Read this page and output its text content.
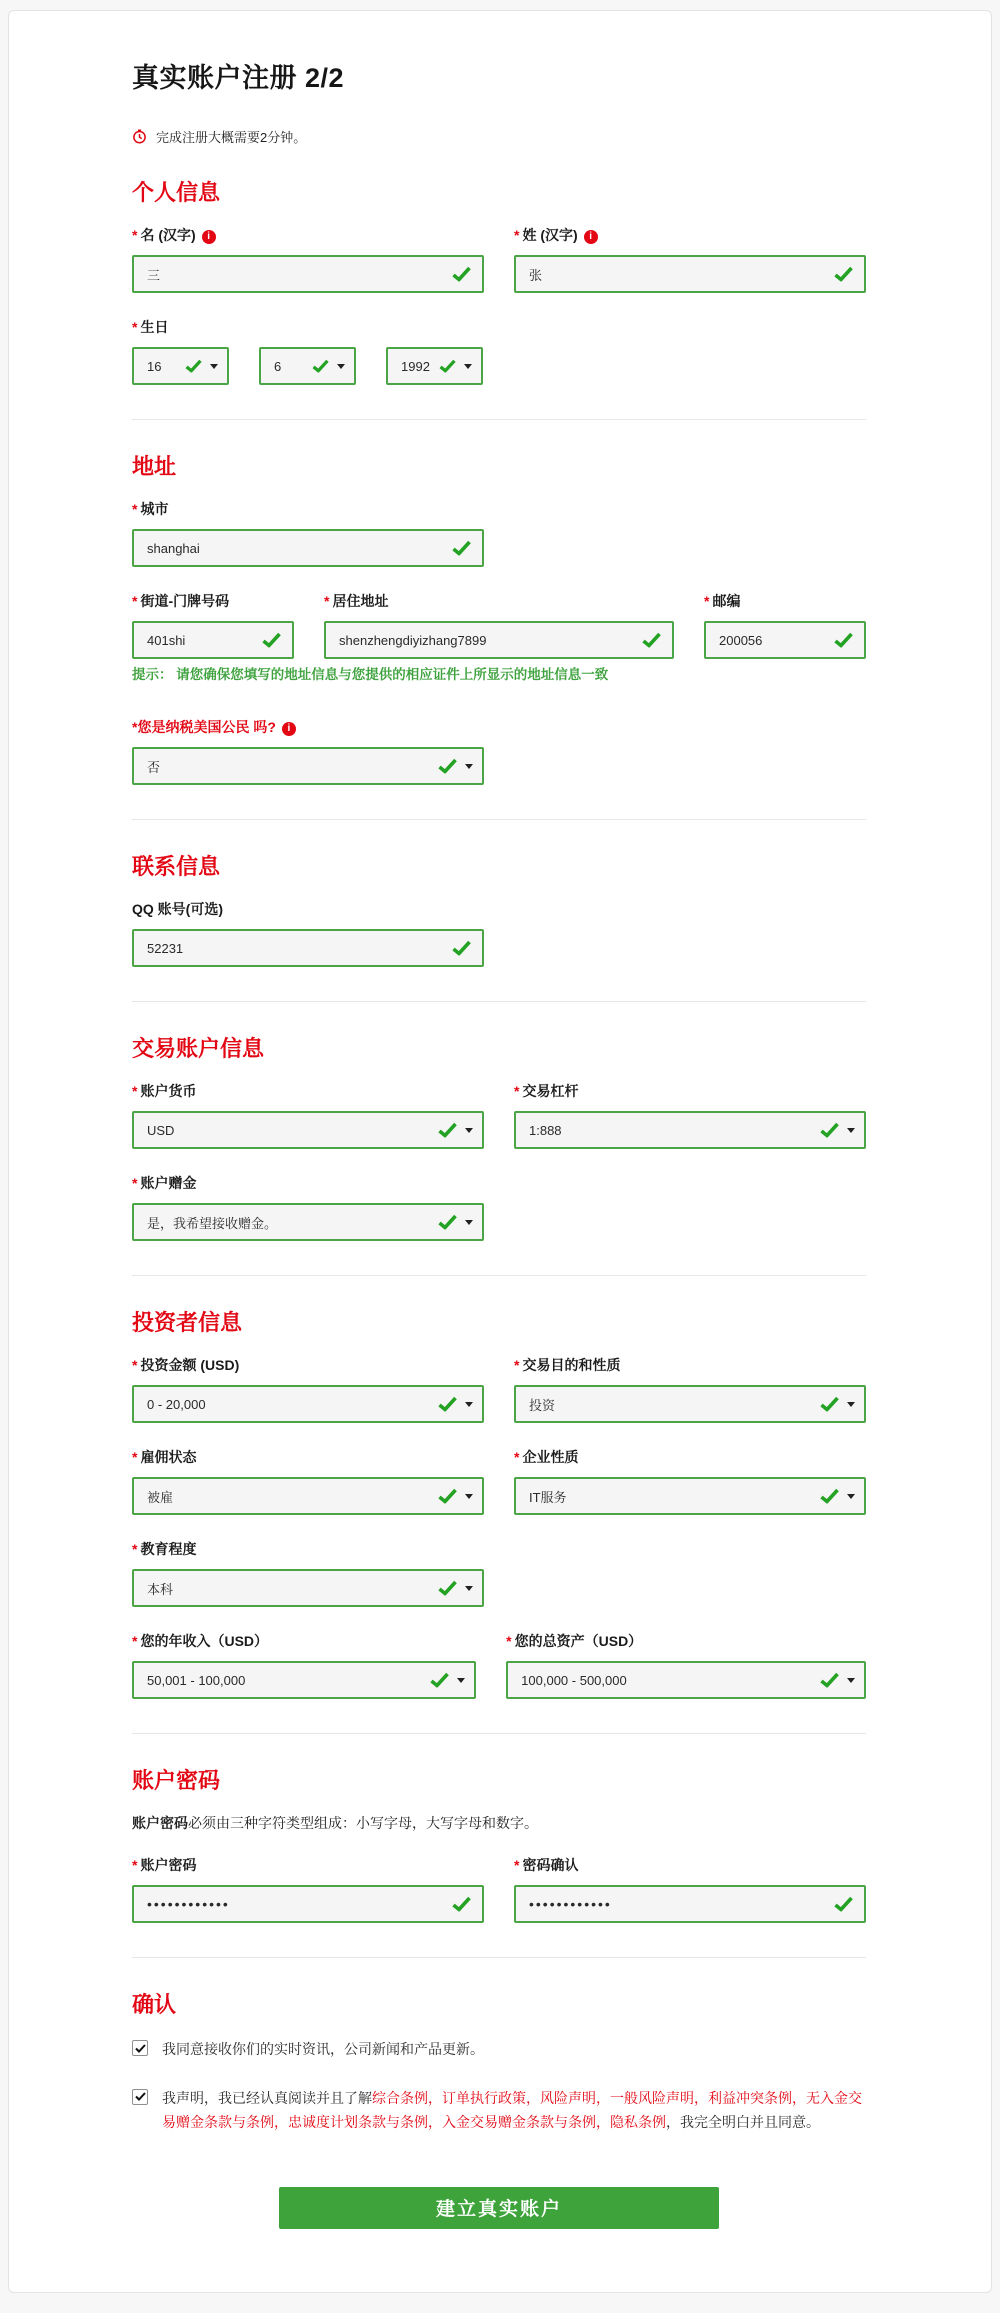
真实账户注册 2/2
完成注册大概需要2分钟。
个人信息
* 名 (汉字) i
三
* 姓 (汉字) i
张
* 生日
16	6	1992
地址
* 城市
shanghai
* 街道-门牌号码
401shi
* 居住地址
shenzhengdiyizhang7899
* 邮编
200056

提示： 请您确保您填写的地址信息与您提供的相应证件上所显示的地址信息一致

*您是纳税美国公民 吗? i
否
联系信息
QQ 账号(可选)
52231
交易账户信息
* 账户货币
USD
* 交易杠杆
1:888
* 账户赠金
是，我希望接收赠金。
投资者信息
* 投资金额 (USD)
0 - 20,000
* 交易目的和性质
投资
* 雇佣状态
被雇
* 企业性质
IT服务
* 教育程度
本科
* 您的年收入（USD）
50,001 - 100,000
* 您的总资产（USD）
100,000 - 500,000
账户密码

账户密码必须由三种字符类型组成：小写字母，大写字母和数字。

* 账户密码
••••••••••••
* 密码确认
••••••••••••
确认
我同意接收你们的实时资讯，公司新闻和产品更新。
我声明，我已经认真阅读并且了解综合条例，订单执行政策，风险声明，一般风险声明，利益冲突条例，无入金交易赠金条款与条例，忠诚度计划条款与条例，入金交易赠金条款与条例，隐私条例，我完全明白并且同意。
建立真实账户
